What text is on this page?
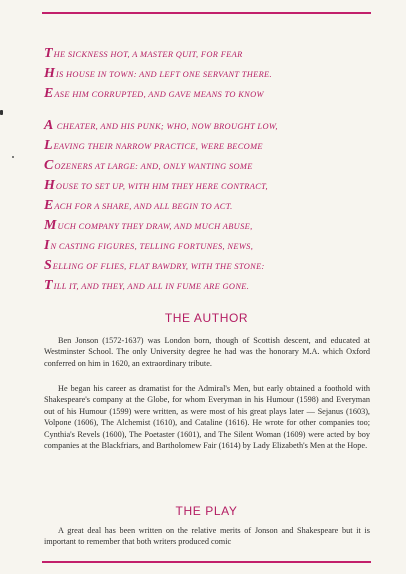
THE SICKNESS HOT, A MASTER QUIT, FOR FEAR
HIS HOUSE IN TOWN: AND LEFT ONE SERVANT THERE.
EASE HIM CORRUPTED, AND GAVE MEANS TO KNOW
A CHEATER, AND HIS PUNK; WHO, NOW BROUGHT LOW,
LEAVING THEIR NARROW PRACTICE, WERE BECOME
COZENERS AT LARGE: AND, ONLY WANTING SOME
HOUSE TO SET UP, WITH HIM THEY HERE CONTRACT,
EACH FOR A SHARE, AND ALL BEGIN TO ACT.
MUCH COMPANY THEY DRAW, AND MUCH ABUSE,
IN CASTING FIGURES, TELLING FORTUNES, NEWS,
SELLING OF FLIES, FLAT BAWDRY, WITH THE STONE:
TILL IT, AND THEY, AND ALL IN FUME ARE GONE.
THE AUTHOR

Ben Jonson (1572-1637) was London born, though of Scottish descent, and educated at Westminster School. The only University degree he had was the honorary M.A. which Oxford conferred on him in 1620, an extraordinary tribute.

He began his career as dramatist for the Admiral's Men, but early obtained a foothold with Shakespeare's company at the Globe, for whom Everyman in his Humour (1598) and Everyman out of his Humour (1599) were written, as were most of his great plays later — Sejanus (1603), Volpone (1606), The Alchemist (1610), and Cataline (1616). He wrote for other companies too; Cynthia's Revels (1600), The Poetaster (1601), and The Silent Woman (1609) were acted by boy companies at the Blackfriars, and Bartholomew Fair (1614) by Lady Elizabeth's Men at the Hope.

THE PLAY

A great deal has been written on the relative merits of Jonson and Shakespeare but it is important to remember that both writers produced comic
